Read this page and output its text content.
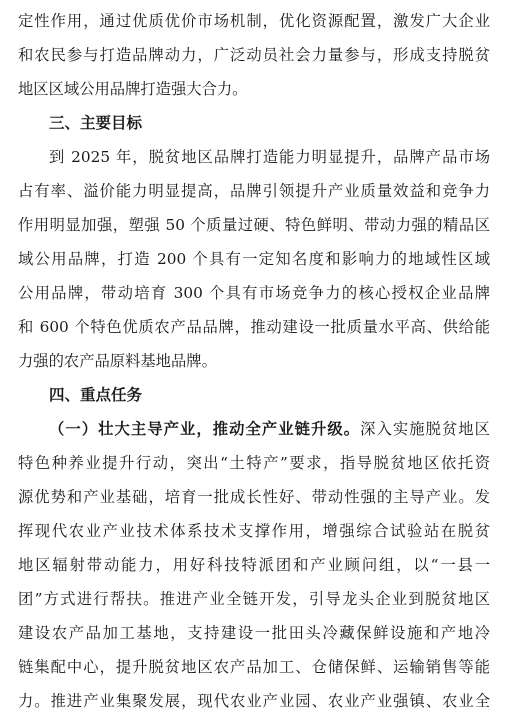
定性作用，通过优质优价市场机制，优化资源配置，激发广大企业
和农民参与打造品牌动力，广泛动员社会力量参与，形成支持脱贫
地区区域公用品牌打造强大合力。
三、主要目标
到 2025 年，脱贫地区品牌打造能力明显提升，品牌产品市场
占有率、溢价能力明显提高，品牌引领提升产业质量效益和竞争力
作用明显加强，塑强 50 个质量过硬、特色鲜明、带动力强的精品区
域公用品牌，打造 200 个具有一定知名度和影响力的地域性区域
公用品牌，带动培育 300 个具有市场竞争力的核心授权企业品牌
和 600 个特色优质农产品品牌，推动建设一批质量水平高、供给能
力强的农产品原料基地品牌。
四、重点任务
（一）壮大主导产业，推动全产业链升级。深入实施脱贫地区
特色种养业提升行动，突出“土特产”要求，指导脱贫地区依托资
源优势和产业基础，培育一批成长性好、带动性强的主导产业。发
挥现代农业产业技术体系技术支撑作用，增强综合试验站在脱贫
地区辐射带动能力，用好科技特派团和产业顾问组，以“一县一
团”方式进行帮扶。推进产业全链开发，引导龙头企业到脱贫地区
建设农产品加工基地，支持建设一批田头冷藏保鲜设施和产地冷
链集配中心，提升脱贫地区农产品加工、仓储保鲜、运输销售等能
力。推进产业集聚发展，现代农业产业园、农业产业强镇、农业全
